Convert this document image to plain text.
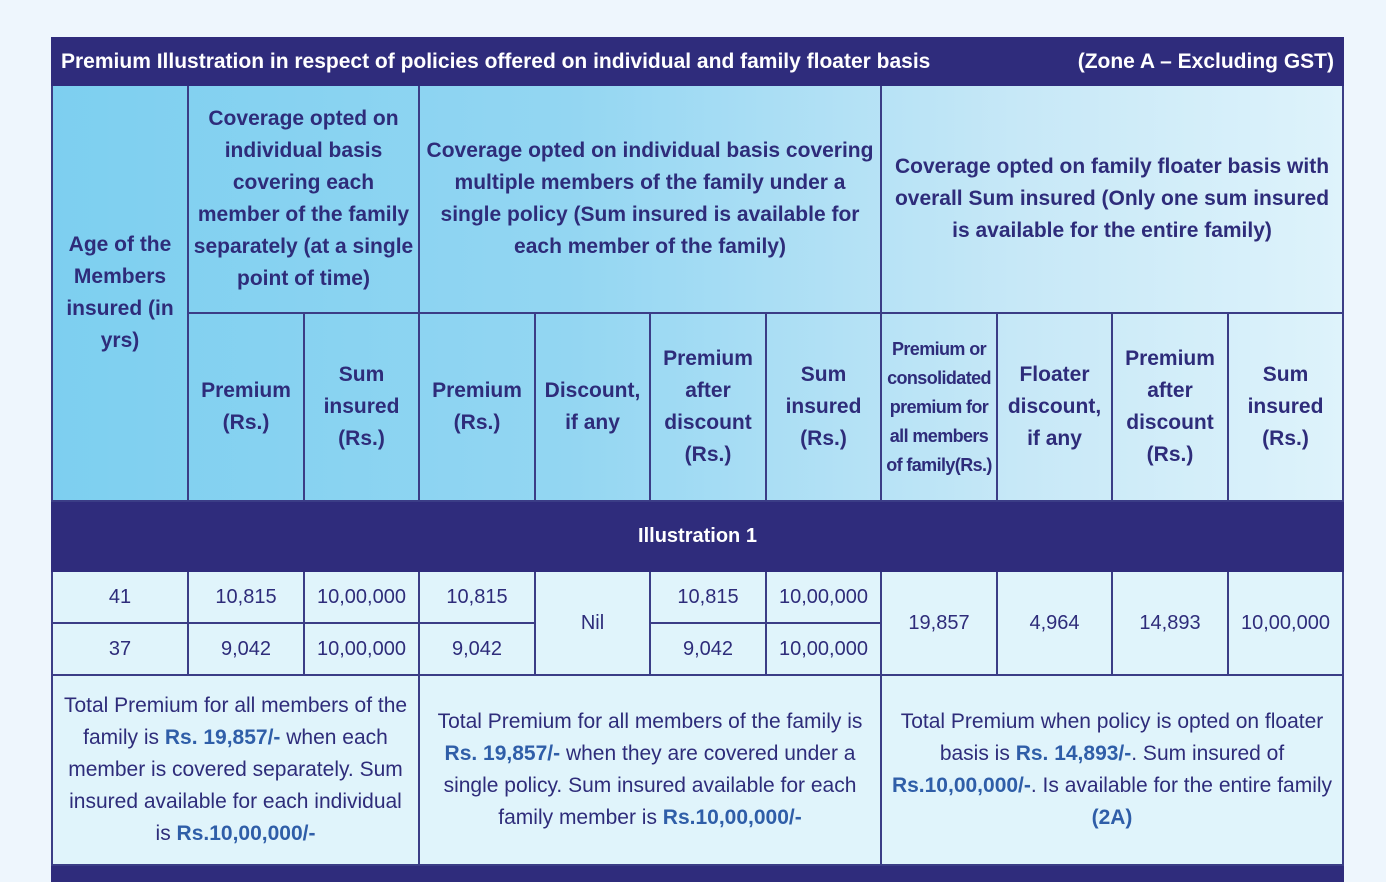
Premium Illustration in respect of policies offered on individual and family floater basis (Zone A – Excluding GST)										

Age of the Members insured (in yrs)	Coverage opted on individual basis covering each member of the family separately (at a single point of time)		Coverage opted on individual basis covering multiple members of the family under a single policy (Sum insured is available for each member of the family)				Coverage opted on family floater basis with overall Sum insured (Only one sum insured is available for the entire family)			
	Premium (Rs.)	Sum insured (Rs.)	Premium (Rs.)	Discount, if any	Premium after discount (Rs.)	Sum insured (Rs.)	Premium or consolidated premium for all members of family(Rs.)	Floater discount, if any	Premium after discount (Rs.)	Sum insured (Rs.)
Illustration 1										
41	10,815	10,00,000	10,815	Nil	10,815	10,00,000	19,857	4,964	14,893	10,00,000
37	9,042	10,00,000	9,042		9,042	10,00,000				
Total Premium for all members of the family is Rs. 19,857/- when each member is covered separately. Sum insured available for each individual is Rs.10,00,000/-			Total Premium for all members of the family is Rs. 19,857/- when they are covered under a single policy. Sum insured available for each family member is Rs.10,00,000/-				Total Premium when policy is opted on floater basis is Rs. 14,893/-. Sum insured of Rs.10,00,000/-. Is available for the entire family (2A)			
